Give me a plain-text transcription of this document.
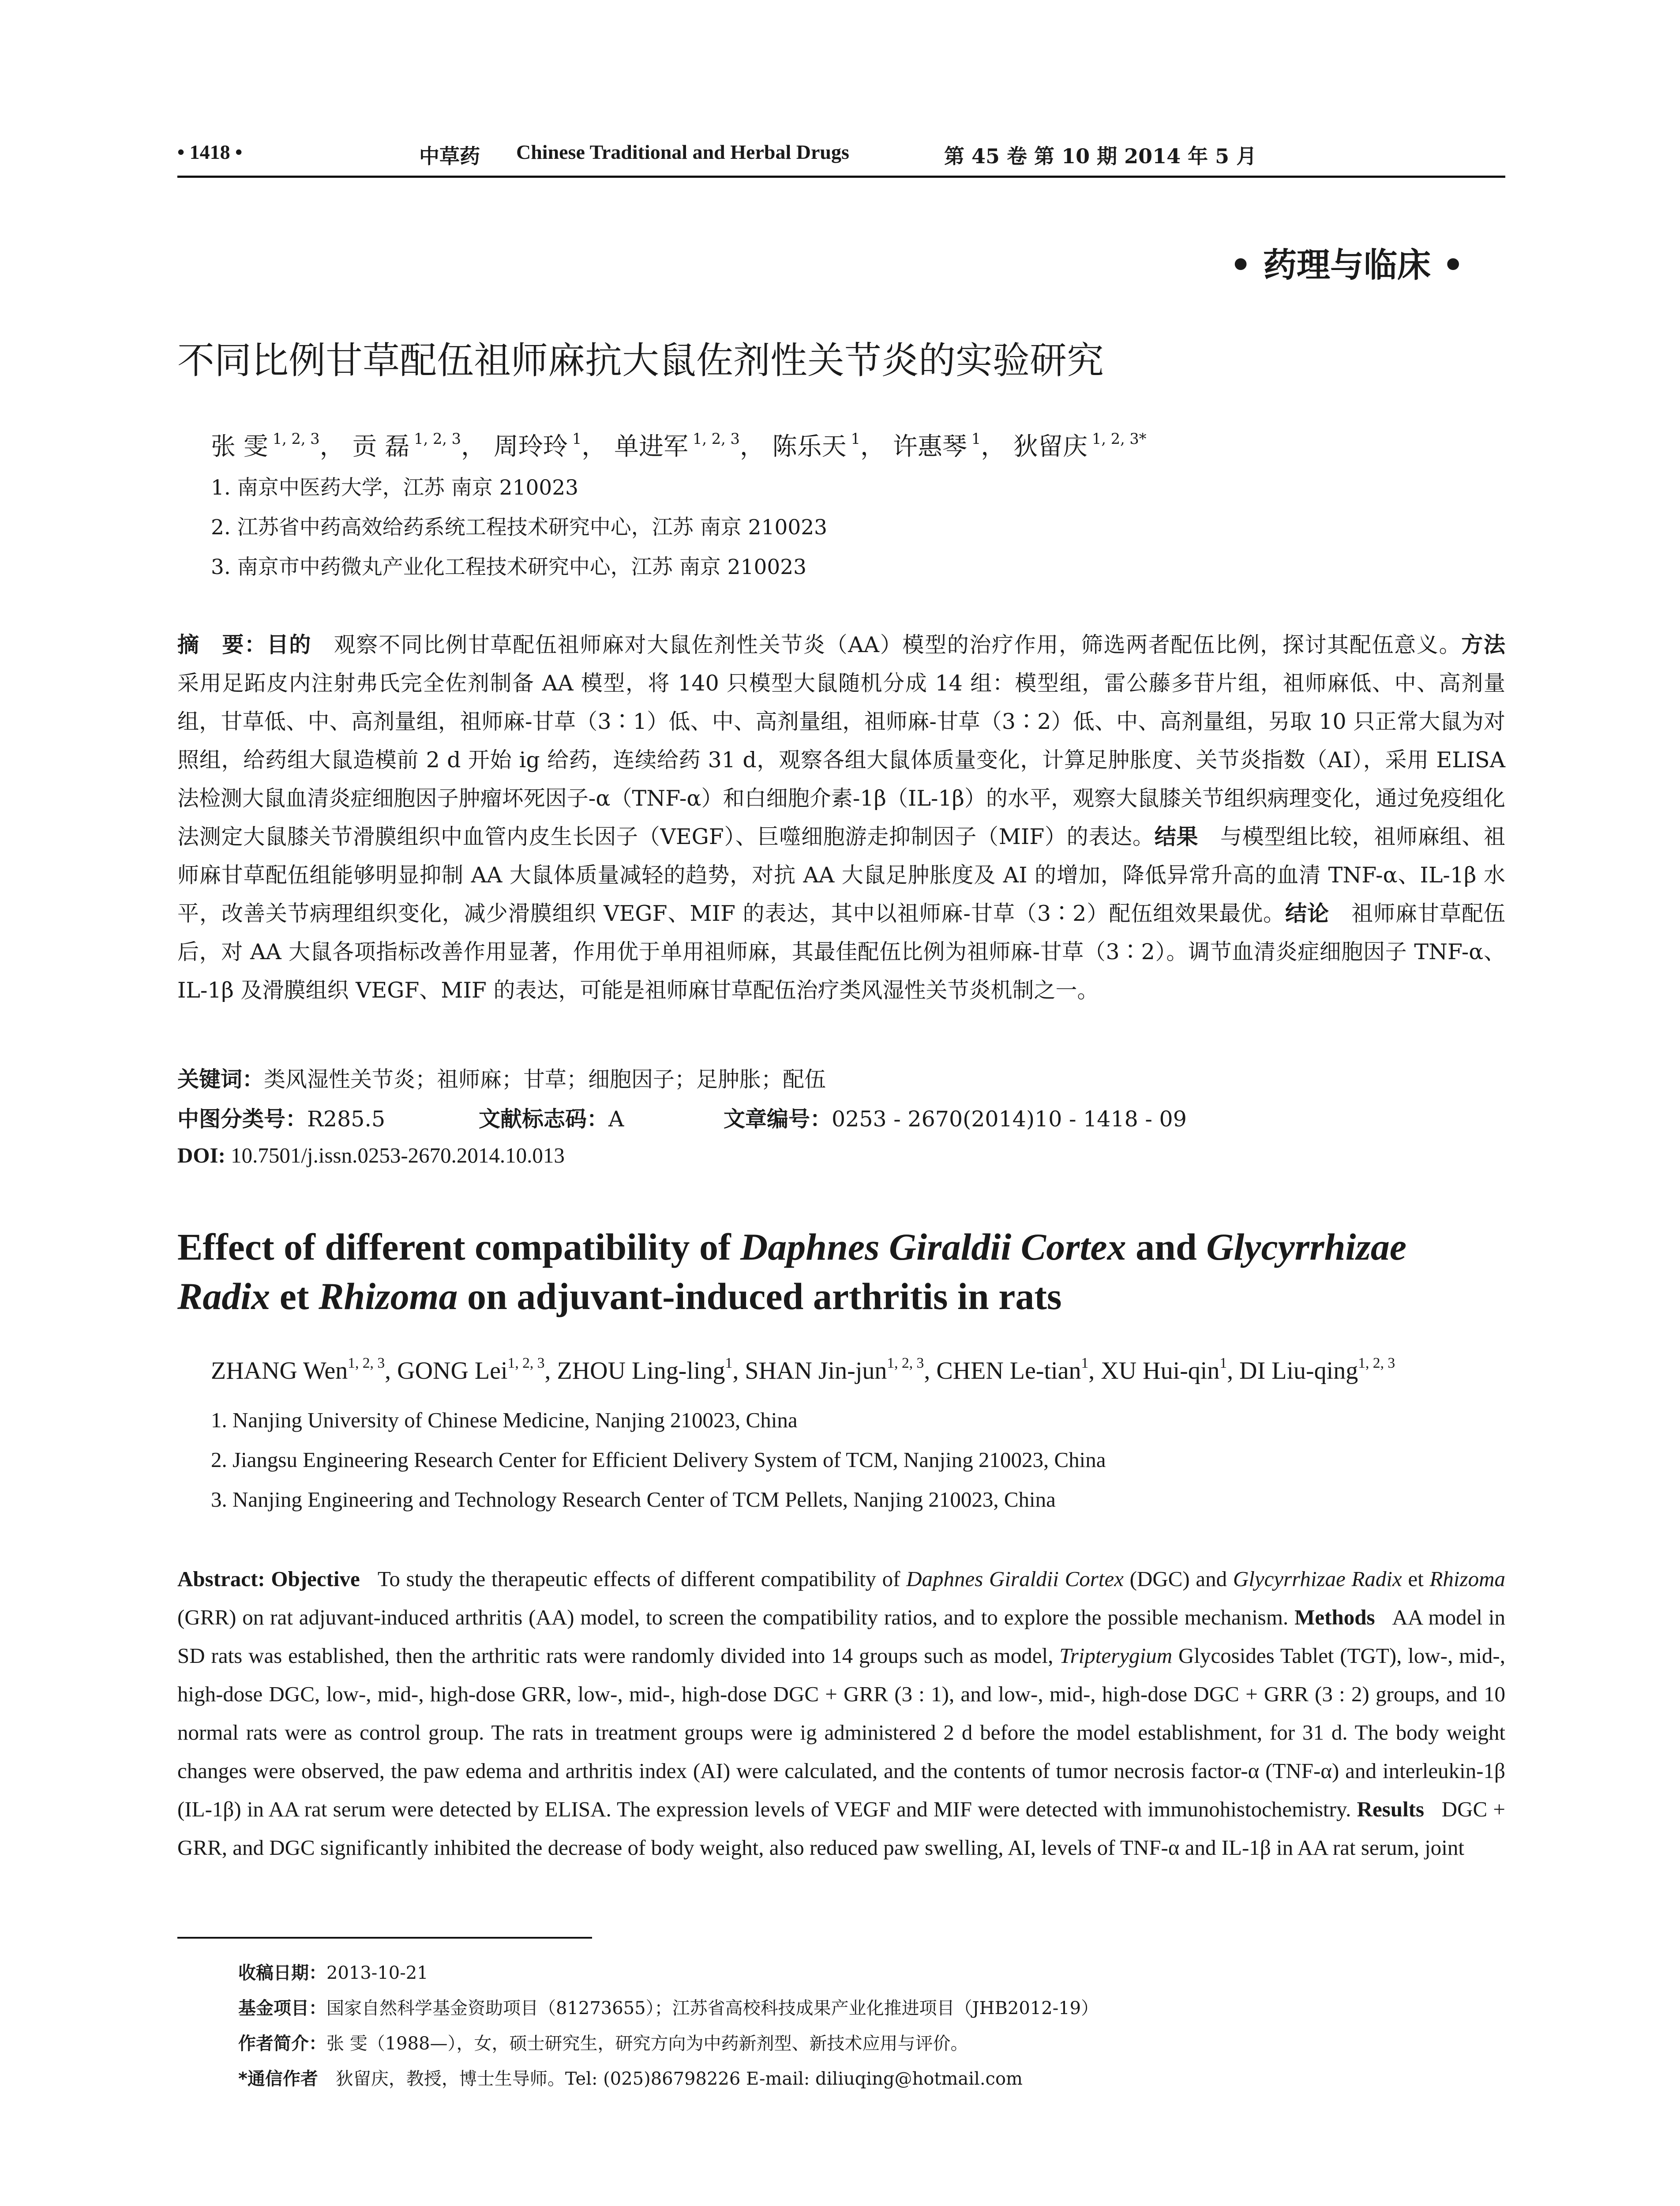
• 1418 •	中草药 Chinese Traditional and Herbal Drugs	第 45 卷 第 10 期 2014 年 5 月
• 药理与临床 •
不同比例甘草配伍祖师麻抗大鼠佐剂性关节炎的实验研究
张 雯 $^{1, 2, 3}$， 贡 磊 $^{1, 2, 3}$， 周玲玲 $^1$， 单进军 $^{1, 2, 3}$， 陈乐天 $^1$， 许惠琴 $^1$， 狄留庆 $^{1, 2, 3*}$
1. 南京中医药大学，江苏 南京 210023
2. 江苏省中药高效给药系统工程技术研究中心，江苏 南京 210023
3. 南京市中药微丸产业化工程技术研究中心，江苏 南京 210023
摘　要：目的　 观察不同比例甘草配伍祖师麻对大鼠佐剂性关节炎（AA）模型的治疗作用，筛选两者配伍比例，探讨其配伍意义。方法　采用足跖皮内注射弗氏完全佐剂制备 AA 模型，将 140 只模型大鼠随机分成 14 组：模型组，雷公藤多苷片组，祖师麻低、中、高剂量组，甘草低、中、高剂量组，祖师麻-甘草（3∶1）低、中、高剂量组，祖师麻-甘草（3∶2）低、中、高剂量组，另取 10 只正常大鼠为对照组，给药组大鼠造模前 2 d 开始 ig 给药，连续给药 31 d，观察各组大鼠体质量变化，计算足肿胀度、关节炎指数（AI），采用 ELISA 法检测大鼠血清炎症细胞因子肿瘤坏死因子-α（TNF-α）和白细胞介素-1β（IL-1β）的水平，观察大鼠膝关节组织病理变化，通过免疫组化法测定大鼠膝关节滑膜组织中血管内皮生长因子（VEGF）、巨噬细胞游走抑制因子（MIF）的表达。结果　 与模型组比较，祖师麻组、祖师麻甘草配伍组能够明显抑制 AA 大鼠体质量减轻的趋势，对抗 AA 大鼠足肿胀度及 AI 的增加，降低异常升高的血清 TNF-α、IL-1β 水平，改善关节病理组织变化，减少滑膜组织 VEGF、MIF 的表达，其中以祖师麻-甘草（3∶2）配伍组效果最优。结论　 祖师麻甘草配伍后，对 AA 大鼠各项指标改善作用显著，作用优于单用祖师麻，其最佳配伍比例为祖师麻-甘草（3∶2）。调节血清炎症细胞因子 TNF-α、IL-1β 及滑膜组织 VEGF、MIF 的表达，可能是祖师麻甘草配伍治疗类风湿性关节炎机制之一。
关键词：类风湿性关节炎；祖师麻；甘草；细胞因子；足肿胀；配伍
中图分类号：R285.5	文献标志码：A	文章编号：0253 - 2670(2014)10 - 1418 - 09
DOI: 10.7501/j.issn.0253-2670.2014.10.013
Effect of different compatibility of Daphnes Giraldii Cortex and Glycyrrhizae Radix et Rhizoma on adjuvant-induced arthritis in rats
ZHANG Wen$^{1, 2, 3}$, GONG Lei$^{1, 2, 3}$, ZHOU Ling-ling$^1$, SHAN Jin-jun$^{1, 2, 3}$, CHEN Le-tian$^1$, XU Hui-qin$^1$, DI Liu-qing$^{1, 2, 3}$
1. Nanjing University of Chinese Medicine, Nanjing 210023, China
2. Jiangsu Engineering Research Center for Efficient Delivery System of TCM, Nanjing 210023, China
3. Nanjing Engineering and Technology Research Center of TCM Pellets, Nanjing 210023, China
Abstract: Objective To study the therapeutic effects of different compatibility of Daphnes Giraldii Cortex (DGC) and Glycyrrhizae Radix et Rhizoma (GRR) on rat adjuvant-induced arthritis (AA) model, to screen the compatibility ratios, and to explore the possible mechanism. Methods AA model in SD rats was established, then the arthritic rats were randomly divided into 14 groups such as model, Tripterygium Glycosides Tablet (TGT), low-, mid-, high-dose DGC, low-, mid-, high-dose GRR, low-, mid-, high-dose DGC + GRR (3 : 1), and low-, mid-, high-dose DGC + GRR (3 : 2) groups, and 10 normal rats were as control group. The rats in treatment groups were ig administered 2 d before the model establishment, for 31 d. The body weight changes were observed, the paw edema and arthritis index (AI) were calculated, and the contents of tumor necrosis factor-α (TNF-α) and interleukin-1β (IL-1β) in AA rat serum were detected by ELISA. The expression levels of VEGF and MIF were detected with immunohistochemistry. Results DGC + GRR, and DGC significantly inhibited the decrease of body weight, also reduced paw swelling, AI, levels of TNF-α and IL-1β in AA rat serum, joint
收稿日期：2013-10-21
基金项目：国家自然科学基金资助项目（81273655）；江苏省高校科技成果产业化推进项目（JHB2012-19）
作者简介：张 雯（1988—），女，硕士研究生，研究方向为中药新剂型、新技术应用与评价。
*通信作者　 狄留庆，教授，博士生导师。Tel: (025)86798226 E-mail: diliuqing@hotmail.com
